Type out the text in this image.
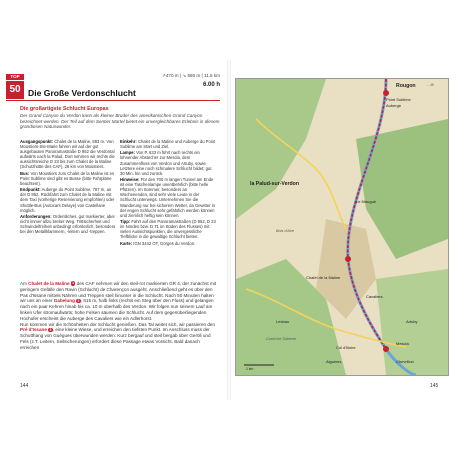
TOP
50
↗470 m | ↘ 580 m | 11.6 km
6.00 h
Die Große Verdonschlucht
Die großartigste Schlucht Europas
Der Grand Canyon du Verdon kann als kleiner Bruder des amerikanischen Grand Canyon bezeichnet werden. Der Teil auf dem Sentier Martel bietet ein unvergleichbares Erlebnis in diesem grandiosen Naturwunder.

Ausgangspunkt: Chalet de la Maline, 893 m. Von Moustiers-Ste-Marie fahren wir auf der gut ausgebauten Panoramastraße D 952 die Verdontal aufwärts nach la Palud. Dort nehmen wir rechts die aussichtsreiche D 23 bis zum Chalet de la Maline (Schutzhütte des CAF), 28 km von Moustiers.

Bus: Von Moustiers zum Chalet de la Maline ist es Point Sublime sind gibt es Busse (bitte Fahrpläne beachten!).

Endpunkt: Auberge du Point Sublime, 787 m, an der D 952. Rückfahrt zum Chalet de la Maline mit dem Taxi (vorherige Reservierung empfohlen) oder Shuttle-Bus (Autocars Delaye) von Castellane möglich.

Anforderungen: Ordentliches, gut markierter, aber nicht immer allzu breiter Weg. Trittsicherheit und Schwindelfreiheit unbedingt erforderlich, besonders bei den Metallklammern, -leitern und -treppen.

Einkehr: Chalet de la Maline und Auberge du Point Sublime am Start und Ziel.

Lampe: Von P. 633 m führt nach rechts ein lohnender Abstecher zur Mescla, dem Zusammenfluss von Verdon und Artuby, sowie Letztere eine noch schmalere Schlucht bildet; gut 30 Min. hin und zurück.

Hinweise: Für den 700 m langen Tunnel am Ende ist eine Taschenlampe unentbehrlich (bitte helle Pfützen). Im Sommer, besonders an Wochenenden, sind sehr viele Leute in der Schlucht unterwegs. Unternehmen Sie die Wanderung nur bei sicherem Wetter, da Gewitter in der engen Schlucht sehr gefährlich werden können und ziemlich heftig sein können.

Tipp: Fahrt auf den Panoramastraßen (D 952, D 23 im Norden bzw. D 71 im Süden des Flusses) mit vielen Aussichtspunkten, die unvergessliche Tiefblicke in die gewaltige Schlucht bieten.

Karte: IGN 3442 OT, Gorges du Verdon.

Am Chalet de la Maline 1 des CAF nehmen wir den steil-rot markierten GR 4, der zunächst mit geringem Gefälle den Ravin (Schlucht) de Charençon ausgeht. Anschließend geht es über den Pas d'Issane mittels Nähren und Treppen steil hinunter in die Schlucht. Nach 50 Minuten halten wir uns an einer Gabelung 2, 615 m, halb links (rechts ein Steg über den Fluss) und gelangen nach ein paar Kehren hinab bis ca. 10 m oberhalb des Verdon. Wir folgen nun seinem Lauf am linken Ufer stromaufwärts; hohe Felsen säumen die Schlucht. Auf dem gegenüberliegenden Hochufer erscheint die Auberge des Cavaliers wie ein Adlerhorst.
Nun kommen wir die Schönheiten der Schlucht genießen. Das Tal weitet sich, wir passieren den Pré d'Issane 3, eine kleine Wiese, und erreichen den tiefsten Punkt. Im Anschluss muss der Schutthang von Guègues überwunden werden: Kurz bergauf und steil bergab über Geröll und Fels (z.T. Leitern, Seilsicherungen) erfordert diese Passage etwas Vorsicht. Bald danach erreichen
144
Rougon
Point Sublime
Auberge
la Palud-sur-Verdon
Bois d'Aire
Chalet de la Maline
Cavaliers
Artuby
Mescla
Chevrillon
Le Maugué
Lesbau
Corniche Sublime
Col d'Illoire
Aiguines
→ 49
1 km
145
